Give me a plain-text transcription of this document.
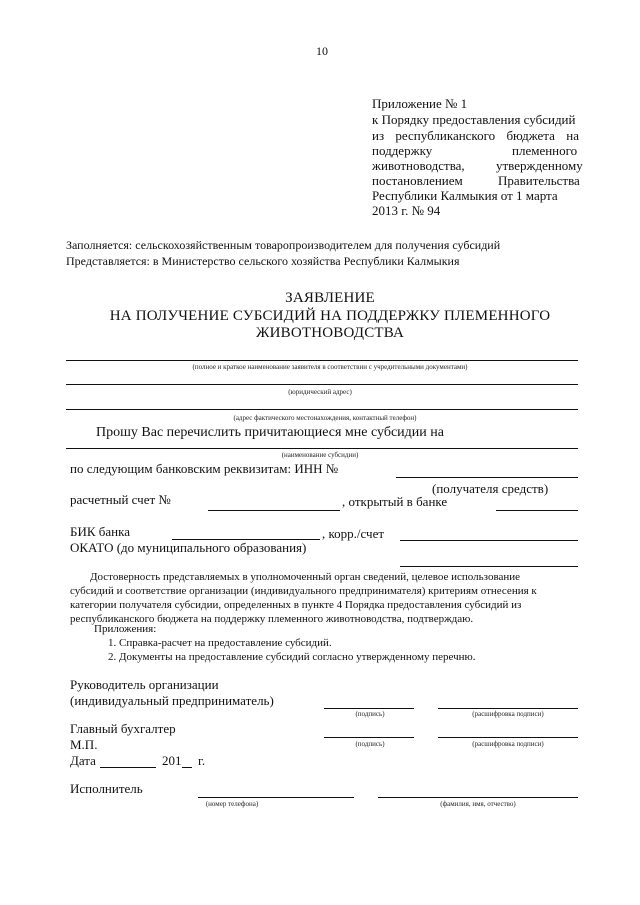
10
Приложение № 1
к Порядку предоставления субсидий
из республиканского бюджета на
поддержку	племенного
животноводства, утвержденному
постановлением	Правительства
Республики Калмыкия от 1 марта
2013 г. № 94
Заполняется: сельскохозяйственным товаропроизводителем для получения субсидий
Представляется: в Министерство сельского хозяйства Республики Калмыкия
ЗАЯВЛЕНИЕ
НА ПОЛУЧЕНИЕ СУБСИДИЙ НА ПОДДЕРЖКУ ПЛЕМЕННОГО
ЖИВОТНОВОДСТВА
(полное и краткое наименование заявителя в соответствии с учредительными документами)
(юридический адрес)
(адрес фактического местонахождения, контактный телефон)
Прошу Вас перечислить причитающиеся мне субсидии на
(наименование субсидии)
по следующим банковским реквизитам: ИНН №
(получателя средств)
расчетный счет №	, открытый в банке
БИК банка	, корр./счет
ОКАТО (до муниципального образования)
Достоверность представляемых в уполномоченный орган сведений, целевое использование
субсидий и соответствие организации (индивидуального предпринимателя) критериям отнесения к
категории получателя субсидии, определенных в пункте 4 Порядка предоставления субсидий из
республиканского бюджета на поддержку племенного животноводства, подтверждаю.
Приложения:
1. Справка-расчет на предоставление субсидий.
2. Документы на предоставление субсидий согласно утвержденному перечню.
Руководитель организации
(индивидуальный предприниматель)
(подпись)	(расшифровка подписи)
Главный бухгалтер
М.П.	(подпись)	(расшифровка подписи)
Дата	201 г.
Исполнитель
(номер телефона)	(фамилия, имя, отчество)
